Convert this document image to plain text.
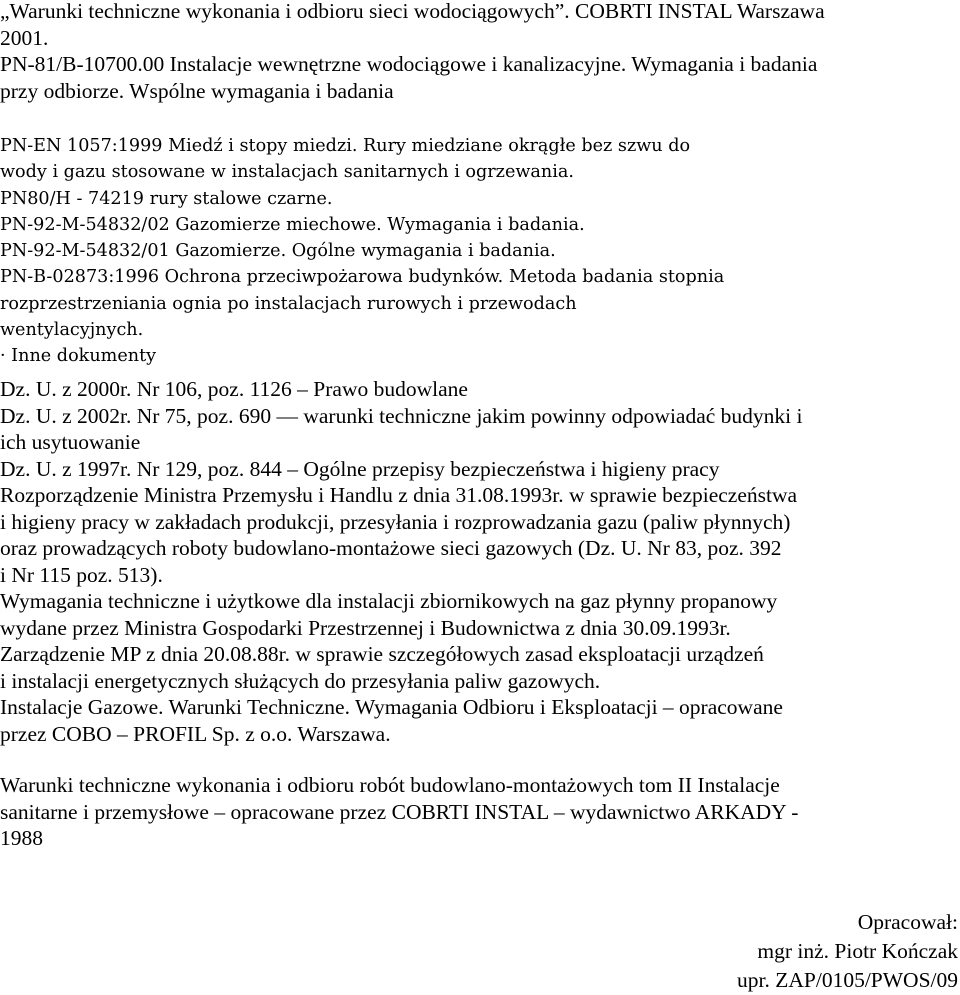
„Warunki techniczne wykonania i odbioru sieci wodociągowych”. COBRTI INSTAL Warszawa
2001.
PN-81/B-10700.00 Instalacje wewnętrzne wodociągowe i kanalizacyjne. Wymagania i badania
przy odbiorze. Wspólne wymagania i badania
PN-EN 1057:1999 Miedź i stopy miedzi. Rury miedziane okrągłe bez szwu do
wody i gazu stosowane w instalacjach sanitarnych i ogrzewania.
PN80/H - 74219 rury stalowe czarne.
PN-92-M-54832/02 Gazomierze miechowe. Wymagania i badania.
PN-92-M-54832/01 Gazomierze. Ogólne wymagania i badania.
PN-B-02873:1996 Ochrona przeciwpożarowa budynków. Metoda badania stopnia
rozprzestrzeniania ognia po instalacjach rurowych i przewodach
wentylacyjnych.
· Inne dokumenty
Dz. U. z 2000r. Nr 106, poz. 1126 – Prawo budowlane
Dz. U. z 2002r. Nr 75, poz. 690 — warunki techniczne jakim powinny odpowiadać budynki i
ich usytuowanie
Dz. U. z 1997r. Nr 129, poz. 844 – Ogólne przepisy bezpieczeństwa i higieny pracy
Rozporządzenie Ministra Przemysłu i Handlu z dnia 31.08.1993r. w sprawie bezpieczeństwa
i higieny pracy w zakładach produkcji, przesyłania i rozprowadzania gazu (paliw płynnych)
oraz prowadzących roboty budowlano-montażowe sieci gazowych (Dz. U. Nr 83, poz. 392
i Nr 115 poz. 513).
Wymagania techniczne i użytkowe dla instalacji zbiornikowych na gaz płynny propanowy
wydane przez Ministra Gospodarki Przestrzennej i Budownictwa z dnia 30.09.1993r.
Zarządzenie MP z dnia 20.08.88r. w sprawie szczegółowych zasad eksploatacji urządzeń
i instalacji energetycznych służących do przesyłania paliw gazowych.
Instalacje Gazowe. Warunki Techniczne. Wymagania Odbioru i Eksploatacji – opracowane
przez COBO – PROFIL Sp. z o.o. Warszawa.
Warunki techniczne wykonania i odbioru robót budowlano-montażowych tom II Instalacje
sanitarne i przemysłowe – opracowane przez COBRTI INSTAL – wydawnictwo ARKADY -
1988
Opracował:
mgr inż. Piotr Kończak
upr. ZAP/0105/PWOS/09
